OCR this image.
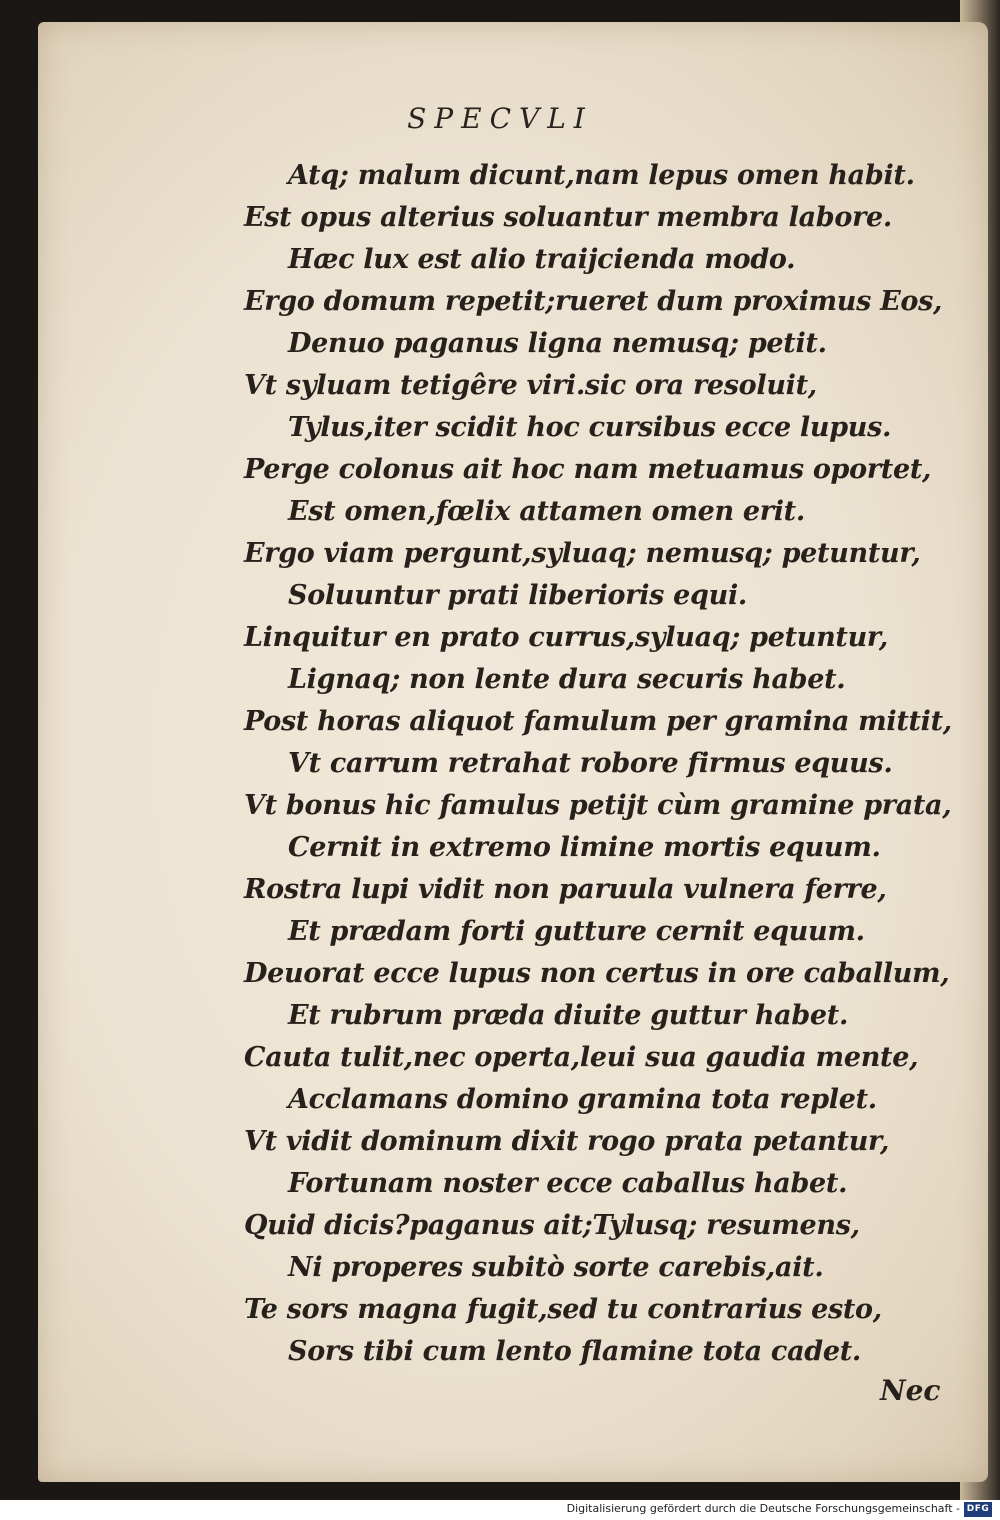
SPECVLI
Atq; malum dicunt,nam lepus omen habit.
Est opus alterius soluantur membra labore.
Hæc lux est alio traijcienda modo.
Ergo domum repetit;rueret dum proximus Eos,
Denuo paganus ligna nemusq; petit.
Vt syluam tetigêre viri.sic ora resoluit,
Tylus,iter scidit hoc cursibus ecce lupus.
Perge colonus ait hoc nam metuamus oportet,
Est omen,fœlix attamen omen erit.
Ergo viam pergunt,syluaq; nemusq; petuntur,
Soluuntur prati liberioris equi.
Linquitur en prato currus,syluaq; petuntur,
Lignaq; non lente dura securis habet.
Post horas aliquot famulum per gramina mittit,
Vt carrum retrahat robore firmus equus.
Vt bonus hic famulus petijt cùm gramine prata,
Cernit in extremo limine mortis equum.
Rostra lupi vidit non paruula vulnera ferre,
Et prædam forti gutture cernit equum.
Deuorat ecce lupus non certus in ore caballum,
Et rubrum præda diuite guttur habet.
Cauta tulit,nec operta,leui sua gaudia mente,
Acclamans domino gramina tota replet.
Vt vidit dominum dixit rogo prata petantur,
Fortunam noster ecce caballus habet.
Quid dicis?paganus ait;Tylusq; resumens,
Ni properes subitò sorte carebis,ait.
Te sors magna fugit,sed tu contrarius esto,
Sors tibi cum lento flamine tota cadet.
Nec
Digitalisierung gefördert durch die Deutsche Forschungsgemeinschaft - DFG
